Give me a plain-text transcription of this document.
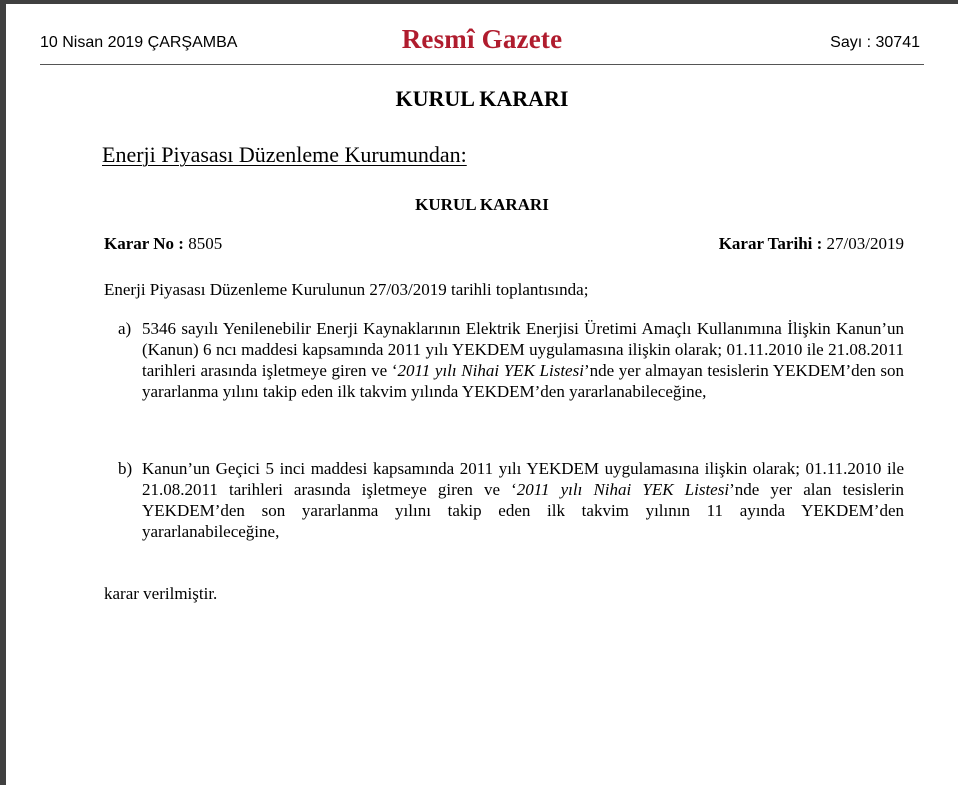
10 Nisan 2019 ÇARŞAMBA	Resmî Gazete	Sayı : 30741
KURUL KARARI
Enerji Piyasası Düzenleme Kurumundan:
KURUL KARARI
Karar No : 8505	Karar Tarihi : 27/03/2019
Enerji Piyasası Düzenleme Kurulunun 27/03/2019 tarihli toplantısında;
a) 5346 sayılı Yenilenebilir Enerji Kaynaklarının Elektrik Enerjisi Üretimi Amaçlı Kullanımına İlişkin Kanun’un (Kanun) 6 ncı maddesi kapsamında 2011 yılı YEKDEM uygulamasına ilişkin olarak; 01.11.2010 ile 21.08.2011 tarihleri arasında işletmeye giren ve ‘2011 yılı Nihai YEK Listesi’nde yer almayan tesislerin YEKDEM’den son yararlanma yılını takip eden ilk takvim yılında YEKDEM’den yararlanabileceğine,
b) Kanun’un Geçici 5 inci maddesi kapsamında 2011 yılı YEKDEM uygulamasına ilişkin olarak; 01.11.2010 ile 21.08.2011 tarihleri arasında işletmeye giren ve ‘2011 yılı Nihai YEK Listesi’nde yer alan tesislerin YEKDEM’den son yararlanma yılını takip eden ilk takvim yılının 11 ayında YEKDEM’den yararlanabileceğine,
karar verilmiştir.
